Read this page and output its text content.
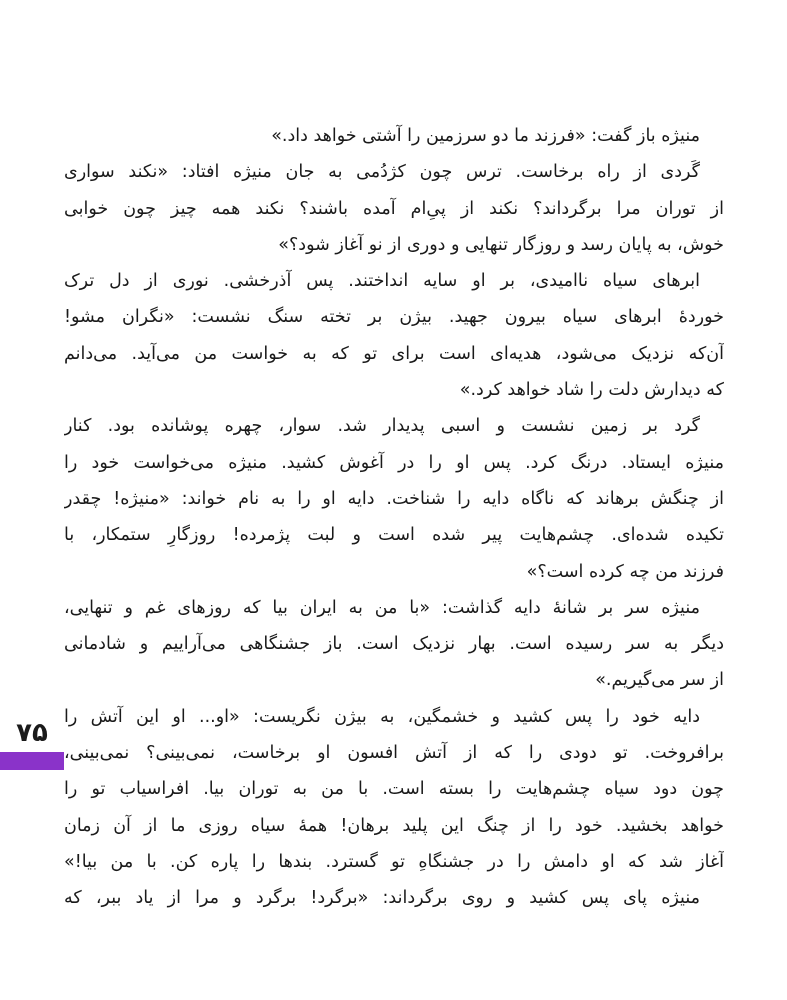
منیژه باز گفت: «فرزند ما دو سرزمین را آشتی خواهد داد.»
گَردی از راه برخاست. ترس چون کژدُمی به جان منیژه افتاد: «نکند سواری
از توران مرا برگرداند؟ نکند از پیِ‌ام آمده باشند؟ نکند همه چیز چون خوابی
خوش، به پایان رسد و روزگار تنهایی و دوری از نو آغاز شود؟»
ابرهای سیاه ناامیدی، بر او سایه انداختند. پس آذرخشی. نوری از دل ترک
خوردهٔ ابرهای سیاه بیرون جهید. بیژن بر تخته سنگ نشست: «نگران مشو!
آن‌که نزدیک می‌شود، هدیه‌ای است برای تو که به خواست من می‌آید. می‌دانم
که دیدارش دلت را شاد خواهد کرد.»
گرد بر زمین نشست و اسبی پدیدار شد. سوار، چهره پوشانده بود. کنار
منیژه ایستاد. درنگ کرد. پس او را در آغوش کشید. منیژه می‌خواست خود را
از چنگش برهاند که ناگاه دایه را شناخت. دایه او را به نام خواند: «منیژه! چقدر
تکیده شده‌ای. چشم‌هایت پیر شده است و لبت پژمرده! روزگارِ ستمکار، با
فرزند من چه کرده است؟»
منیژه سر بر شانهٔ دایه گذاشت: «با من به ایران بیا که روزهای غم و تنهایی،
دیگر به سر رسیده است. بهار نزدیک است. باز جشنگاهی می‌آراییم و شادمانی
از سر می‌گیریم.»
دایه خود را پس کشید و خشمگین، به بیژن نگریست: «او... او این آتش را
برافروخت. تو دودی را که از آتش افسون او برخاست، نمی‌بینی؟ نمی‌بینی،
چون دود سیاه چشم‌هایت را بسته است. با من به توران بیا. افراسیاب تو را
خواهد بخشید. خود را از چنگ این پلید برهان! همهٔ سیاه روزی ما از آن زمان
آغاز شد که او دامش را در جشنگاهِ تو گسترد. بندها را پاره کن. با من بیا!»
منیژه پای پس کشید و روی برگرداند: «برگرد! برگرد و مرا از یاد ببر، که
۷۵
